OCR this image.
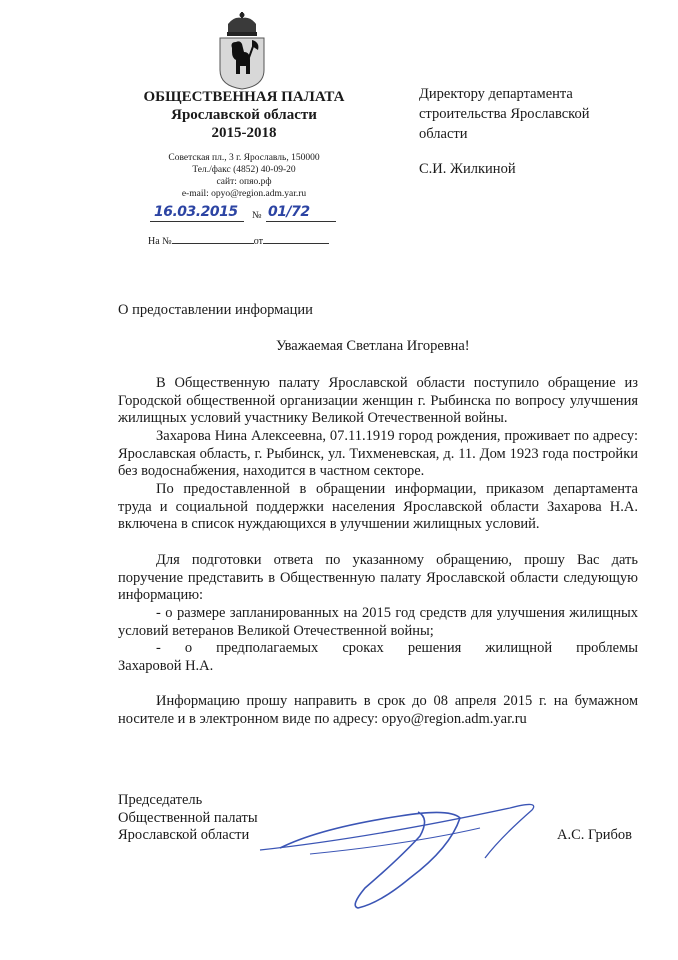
ОБЩЕСТВЕННАЯ ПАЛАТА
Ярославской области
2015-2018
Советская пл., 3 г. Ярославль, 150000
Тел./факс (4852) 40-09-20
сайт: опяо.рф
e-mail: opyo@region.adm.yar.ru
16.03.2015 № 01/72
На №	от
Директору департамента
строительства Ярославской
области
С.И. Жилкиной
О предоставлении информации
Уважаемая Светлана Игоревна!
В Общественную палату Ярославской области поступило обращение из Городской общественной организации женщин г. Рыбинска по вопросу улучшения жилищных условий участнику Великой Отечественной войны.
Захарова Нина Алексеевна, 07.11.1919 город рождения, проживает по адресу: Ярославская область, г. Рыбинск, ул. Тихменевская, д. 11. Дом 1923 года постройки без водоснабжения, находится в частном секторе.
По предоставленной в обращении информации, приказом департамента труда и социальной поддержки населения Ярославской области Захарова Н.А. включена в список нуждающихся в улучшении жилищных условий.
Для подготовки ответа по указанному обращению, прошу Вас дать поручение представить в Общественную палату Ярославской области следующую информацию:
- о размере запланированных на 2015 год средств для улучшения жилищных условий ветеранов Великой Отечественной войны;
- о предполагаемых сроках решения жилищной проблемы
Захаровой Н.А.
Информацию прошу направить в срок до 08 апреля 2015 г. на бумажном носителе и в электронном виде по адресу: opyo@region.adm.yar.ru
Председатель
Общественной палаты
Ярославской области	А.С. Грибов
